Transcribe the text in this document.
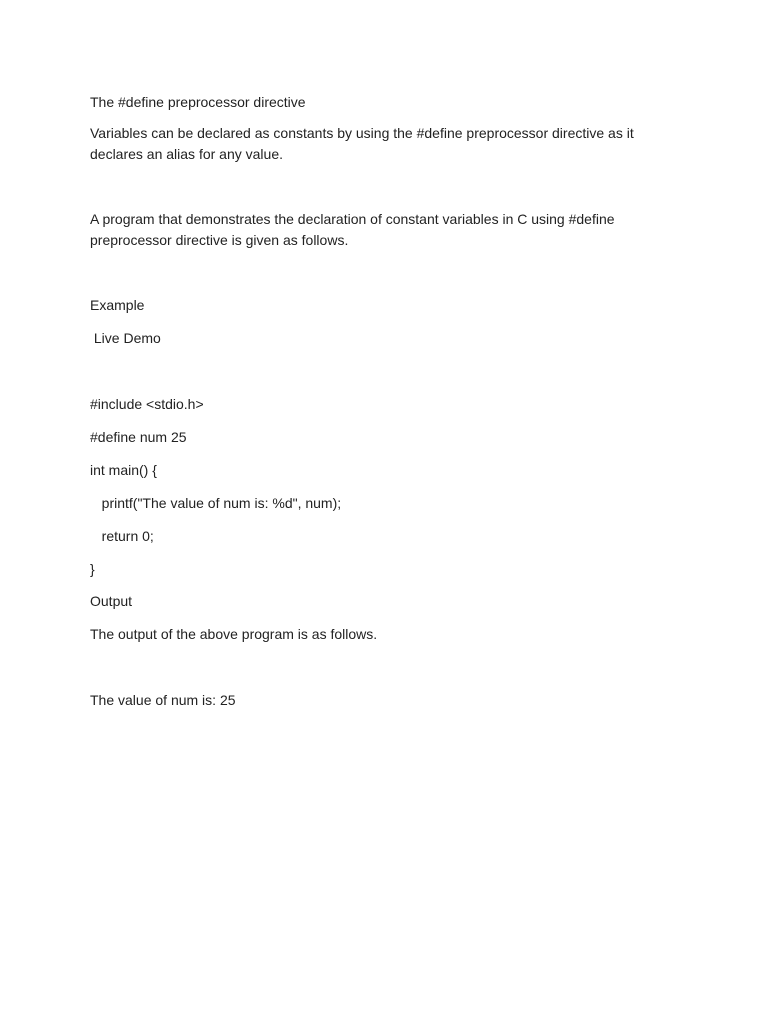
The #define preprocessor directive
Variables can be declared as constants by using the #define preprocessor directive as it
declares an alias for any value.
A program that demonstrates the declaration of constant variables in C using #define
preprocessor directive is given as follows.
Example
Live Demo
#include <stdio.h>
#define num 25
int main() {
printf("The value of num is: %d", num);
return 0;
}
Output
The output of the above program is as follows.
The value of num is: 25
